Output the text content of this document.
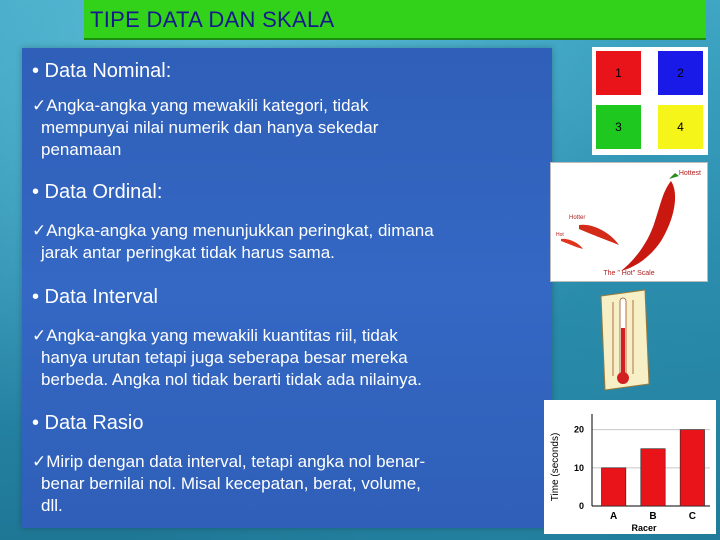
TIPE DATA DAN SKALA
• Data Nominal:
✓Angka-angka yang mewakili kategori, tidak
mempunyai nilai numerik dan hanya sekedar
penamaan
• Data Ordinal:
✓Angka-angka yang menunjukkan peringkat, dimana
jarak antar peringkat tidak harus sama.
• Data Interval
✓Angka-angka yang mewakili kuantitas riil, tidak
hanya urutan tetapi juga seberapa besar mereka
berbeda. Angka nol tidak berarti tidak ada nilainya.
• Data Rasio
✓Mirip dengan data interval, tetapi angka nol benar-
benar bernilai nol. Misal kecepatan, berat, volume,
dll.
1	2
3	4
Hottest
Hotter
Hot
The " Hot" Scale
Time (seconds)
Racer
0
10
20
A	B	C
